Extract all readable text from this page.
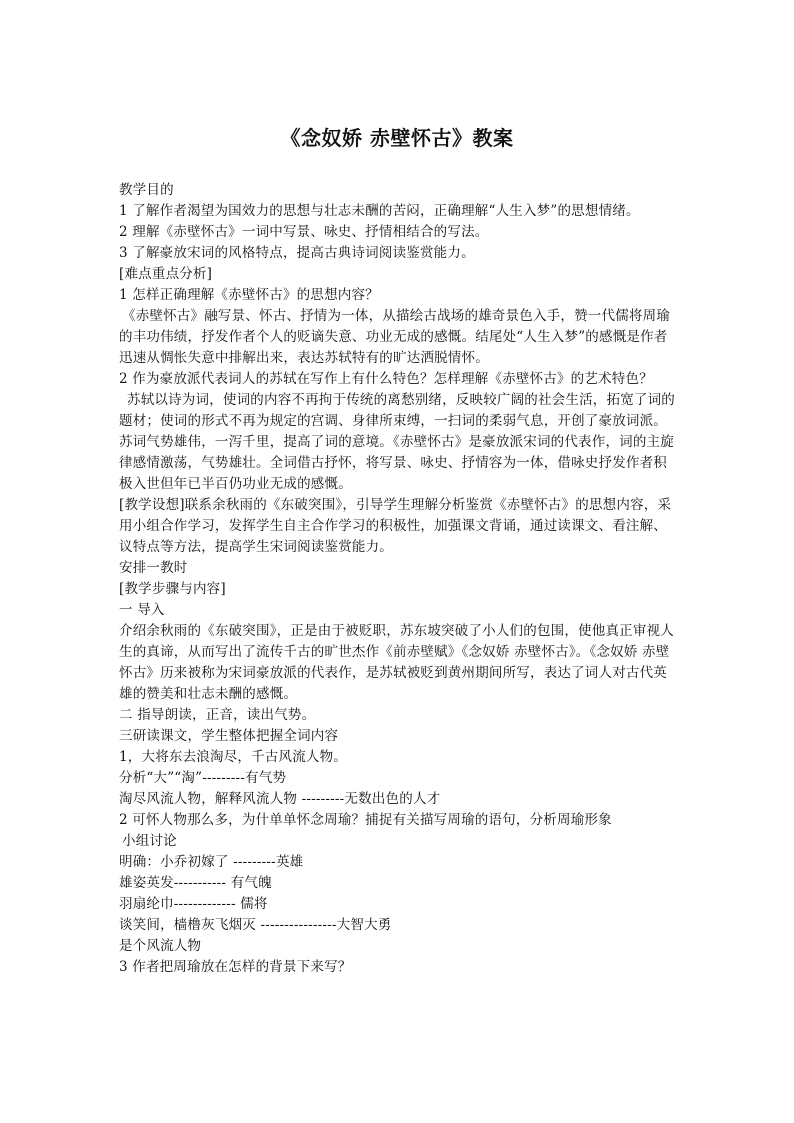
《念奴娇 赤壁怀古》教案

教学目的

1 了解作者渴望为国效力的思想与壮志未酬的苦闷，正确理解“人生入梦”的思想情绪。

2 理解《赤壁怀古》一词中写景、咏史、抒情相结合的写法。

3 了解豪放宋词的风格特点，提高古典诗词阅读鉴赏能力。

[难点重点分析]

1 怎样正确理解《赤壁怀古》的思想内容？

《赤壁怀古》融写景、怀古、抒情为一体，从描绘古战场的雄奇景色入手，赞一代儒将周瑜的丰功伟绩，抒发作者个人的贬谪失意、功业无成的感慨。结尾处“人生入梦”的感慨是作者迅速从惆怅失意中排解出来，表达苏轼特有的旷达洒脱情怀。

2 作为豪放派代表词人的苏轼在写作上有什么特色？怎样理解《赤壁怀古》的艺术特色？

苏轼以诗为词，使词的内容不再拘于传统的离愁别绪，反映较广阔的社会生活，拓宽了词的题材；使词的形式不再为规定的宫调、身律所束缚，一扫词的柔弱气息，开创了豪放词派。苏词气势雄伟，一泻千里，提高了词的意境。《赤壁怀古》是豪放派宋词的代表作，词的主旋律感情激荡，气势雄壮。全词借古抒怀，将写景、咏史、抒情容为一体，借咏史抒发作者积极入世但年已半百仍功业无成的感慨。

[教学设想]联系余秋雨的《东破突围》，引导学生理解分析鉴赏《赤壁怀古》的思想内容，采用小组合作学习，发挥学生自主合作学习的积极性，加强课文背诵，通过读课文、看注解、议特点等方法，提高学生宋词阅读鉴赏能力。

安排一教时

[教学步骤与内容]

一 导入

介绍余秋雨的《东破突围》，正是由于被贬职，苏东坡突破了小人们的包围，使他真正审视人生的真谛，从而写出了流传千古的旷世杰作《前赤壁赋》《念奴娇 赤壁怀古》。《念奴娇 赤壁怀古》历来被称为宋词豪放派的代表作，是苏轼被贬到黄州期间所写，表达了词人对古代英雄的赞美和壮志未酬的感慨。

二 指导朗读，正音，读出气势。

三研读课文，学生整体把握全词内容

1，大将东去浪淘尽，千古风流人物。

分析“大”“淘”---------有气势

淘尽风流人物，解释风流人物 ---------无数出色的人才

2 可怀人物那么多，为什单单怀念周瑜？捕捉有关描写周瑜的语句，分析周瑜形象

小组讨论

明确：小乔初嫁了 ---------英雄

雄姿英发----------- 有气魄

羽扇纶巾------------- 儒将

谈笑间，樯橹灰飞烟灭 ----------------大智大勇

是个风流人物

3 作者把周瑜放在怎样的背景下来写？
